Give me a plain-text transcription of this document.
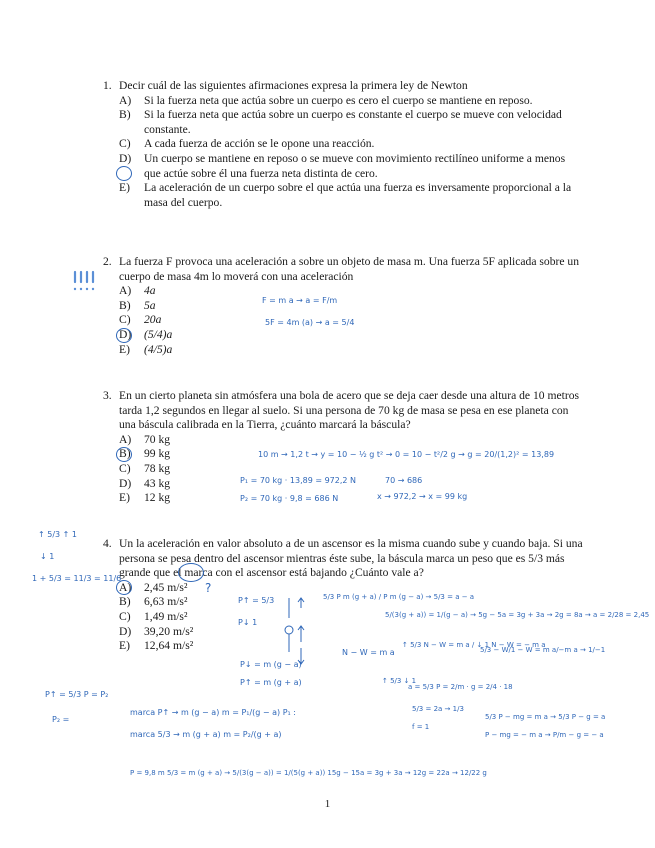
1. Decir cuál de las siguientes afirmaciones expresa la primera ley de Newton
A)	Si la fuerza neta que actúa sobre un cuerpo es cero el cuerpo se mantiene en reposo.
B)	Si la fuerza neta que actúa sobre un cuerpo es constante el cuerpo se mueve con velocidad constante.
C)	A cada fuerza de acción se le opone una reacción.
D)	Un cuerpo se mantiene en reposo o se mueve con movimiento rectilíneo uniforme a menos que actúe sobre él una fuerza neta distinta de cero.
E)	La aceleración de un cuerpo sobre el que actúa una fuerza es inversamente proporcional a la masa del cuerpo.
2. La fuerza F provoca una aceleración a sobre un objeto de masa m. Una fuerza 5F aplicada sobre un cuerpo de masa 4m lo moverá con una aceleración
A)	4a
B)	5a
C)	20a
D)	(5/4)a
E)	(4/5)a
3. En un cierto planeta sin atmósfera una bola de acero que se deja caer desde una altura de 10 metros tarda 1,2 segundos en llegar al suelo. Si una persona de 70 kg de masa se pesa en ese planeta con una báscula calibrada en la Tierra, ¿cuánto marcará la báscula?
A)	70 kg
B)	99 kg
C)	78 kg
D)	43 kg
E)	12 kg
4. Un la aceleración en valor absoluto a de un ascensor es la misma cuando sube y cuando baja. Si una persona se pesa dentro del ascensor mientras éste sube, la báscula marca un peso que es 5/3 más grande que el marca con el ascensor está bajando ¿Cuánto vale a?
A)	2,45 m/s²
B)	6,63 m/s²
C)	1,49 m/s²
D)	39,20 m/s²
E)	12,64 m/s²
F = m a → a = F/m
5F = 4m (a) → a = 5/4
10 m → 1,2 t → y = 10 − ½ g t² → 0 = 10 − t²/2 g → g = 20/(1,2)² = 13,89
P₁ = 70 kg · 13,89 = 972,2 N
P₂ = 70 kg · 9,8 = 686 N
70 → 686
x → 972,2 → x = 99 kg
↑ 5/3 ↑ 1
↓ 1
1 + 5/3 = 11/3 = 11/6
?
P↑ = 5/3
P↓ 1
P↓ = m (g − a)
P↑ = m (g + a)
5/3 P m (g + a) / P m (g − a) → 5/3 = a − a
5/(3(g + a)) = 1/(g − a) → 5g − 5a = 3g + 3a → 2g = 8a → a = 2/28 = 2,45
N − W = m a
↑ 5/3 N − W = m a / ↓ 1 N − W = − m a
5/3 − W/1 − W = m a/−m a → 1/−1
↑ 5/3 ↓ 1
a = 5/3 P = 2/m · g = 2/4 · 18
5/3 = 2a → 1/3
f = 1
P↑ = 5/3 P = P₂
P₂ =
marca P↑ → m (g − a) m = P₁/(g − a) P₁ :
marca 5/3 → m (g + a) m = P₂/(g + a)
5/3 P − mg = m a → 5/3 P − g = a
P − mg = − m a → P/m − g = − a
P = 9,8 m 5/3 = m (g + a) → 5/(3(g − a)) = 1/(5(g + a)) 15g − 15a = 3g + 3a → 12g = 22a → 12/22 g
1
